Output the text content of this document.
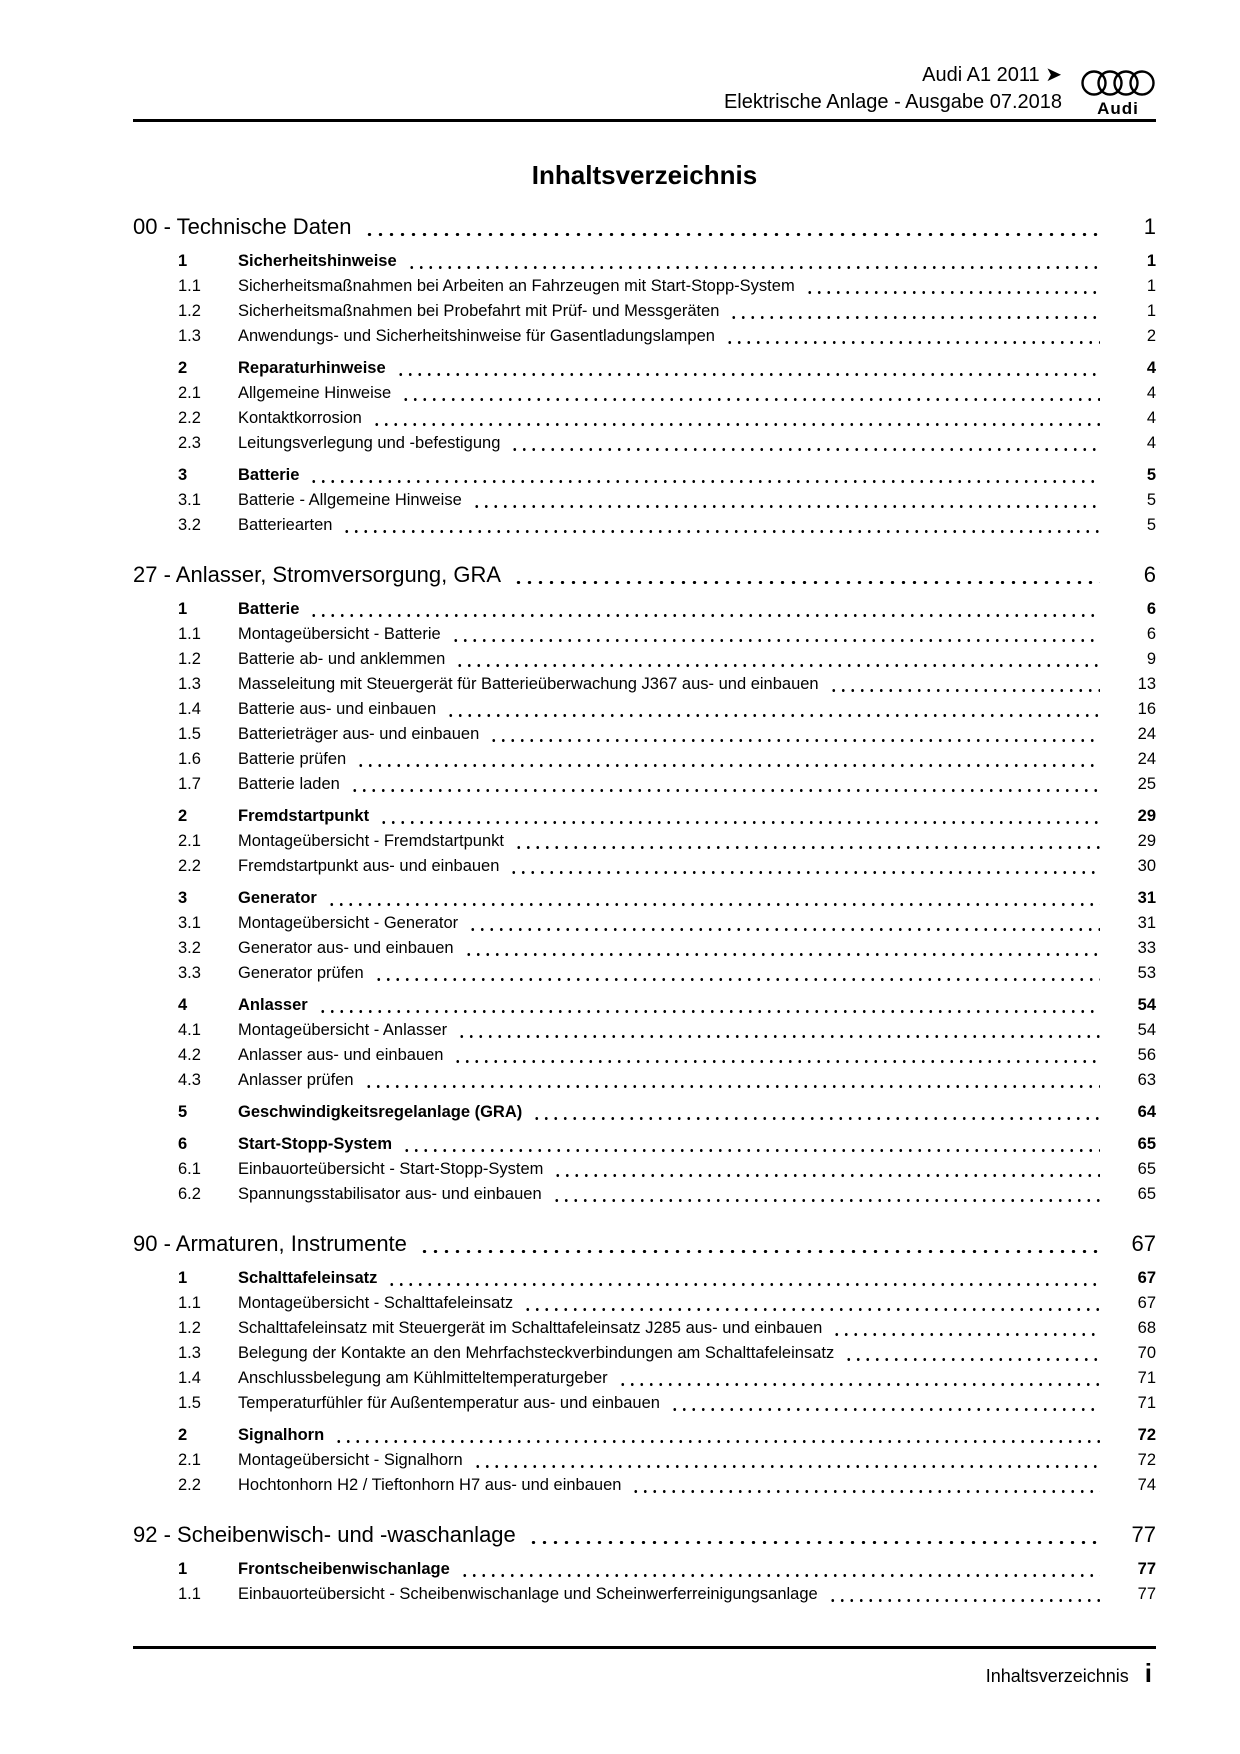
Audi A1 2011 ➤
Elektrische Anlage - Ausgabe 07.2018	Audi
Inhaltsverzeichnis
00 - Technische Daten	1
1	Sicherheitshinweise	1
1.1	Sicherheitsmaßnahmen bei Arbeiten an Fahrzeugen mit Start-Stopp-System	1
1.2	Sicherheitsmaßnahmen bei Probefahrt mit Prüf- und Messgeräten	1
1.3	Anwendungs- und Sicherheitshinweise für Gasentladungslampen	2
2	Reparaturhinweise	4
2.1	Allgemeine Hinweise	4
2.2	Kontaktkorrosion	4
2.3	Leitungsverlegung und -befestigung	4
3	Batterie	5
3.1	Batterie - Allgemeine Hinweise	5
3.2	Batteriearten	5
27 - Anlasser, Stromversorgung, GRA	6
1	Batterie	6
1.1	Montageübersicht - Batterie	6
1.2	Batterie ab- und anklemmen	9
1.3	Masseleitung mit Steuergerät für Batterieüberwachung J367 aus- und einbauen	13
1.4	Batterie aus- und einbauen	16
1.5	Batterieträger aus- und einbauen	24
1.6	Batterie prüfen	24
1.7	Batterie laden	25
2	Fremdstartpunkt	29
2.1	Montageübersicht - Fremdstartpunkt	29
2.2	Fremdstartpunkt aus- und einbauen	30
3	Generator	31
3.1	Montageübersicht - Generator	31
3.2	Generator aus- und einbauen	33
3.3	Generator prüfen	53
4	Anlasser	54
4.1	Montageübersicht - Anlasser	54
4.2	Anlasser aus- und einbauen	56
4.3	Anlasser prüfen	63
5	Geschwindigkeitsregelanlage (GRA)	64
6	Start-Stopp-System	65
6.1	Einbauorteübersicht - Start-Stopp-System	65
6.2	Spannungsstabilisator aus- und einbauen	65
90 - Armaturen, Instrumente	67
1	Schalttafeleinsatz	67
1.1	Montageübersicht - Schalttafeleinsatz	67
1.2	Schalttafeleinsatz mit Steuergerät im Schalttafeleinsatz J285 aus- und einbauen	68
1.3	Belegung der Kontakte an den Mehrfachsteckverbindungen am Schalttafeleinsatz	70
1.4	Anschlussbelegung am Kühlmitteltemperaturgeber	71
1.5	Temperaturfühler für Außentemperatur aus- und einbauen	71
2	Signalhorn	72
2.1	Montageübersicht - Signalhorn	72
2.2	Hochtonhorn H2 / Tieftonhorn H7 aus- und einbauen	74
92 - Scheibenwisch- und -waschanlage	77
1	Frontscheibenwischanlage	77
1.1	Einbauorteübersicht - Scheibenwischanlage und Scheinwerferreinigungsanlage	77
Inhaltsverzeichnis i
